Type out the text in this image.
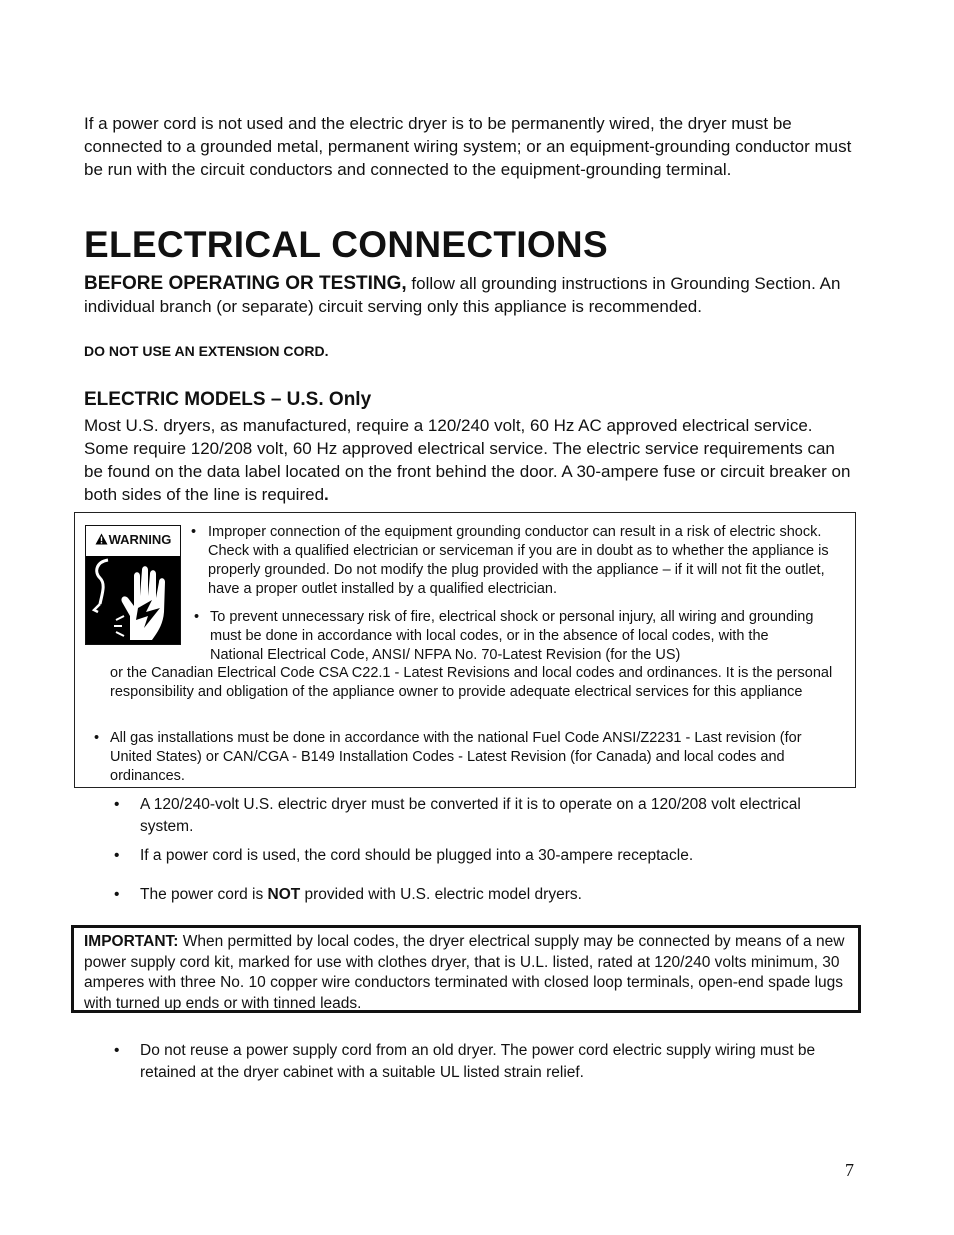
If a power cord is not used and the electric dryer is to be permanently wired, the dryer must be connected to a grounded metal, permanent wiring system; or an equipment-grounding conductor must be run with the circuit conductors and connected to the equipment-grounding terminal.

ELECTRICAL CONNECTIONS

BEFORE OPERATING OR TESTING, follow all grounding instructions in Grounding Section. An individual branch (or separate) circuit serving only this appliance is recommended.

DO NOT USE AN EXTENSION CORD.

ELECTRIC MODELS – U.S. Only

Most U.S. dryers, as manufactured, require a 120/240 volt, 60 Hz AC approved electrical service. Some require 120/208 volt, 60 Hz approved electrical service. The electric service requirements can be found on the data label located on the front behind the door. A 30-ampere fuse or circuit breaker on both sides of the line is required.

WARNING	• Improper connection of the equipment grounding conductor can result in a risk of electric shock. Check with a qualified electrician or serviceman if you are in doubt as to whether the appliance is properly grounded. Do not modify the plug provided with the appliance – if it will not fit the outlet, have a proper outlet installed by a qualified electrician.

• To prevent unnecessary risk of fire, electrical shock or personal injury, all wiring and grounding must be done in accordance with local codes, or in the absence of local codes, with the National Electrical Code, ANSI/ NFPA No. 70-Latest Revision (for the US)

or the Canadian Electrical Code CSA C22.1 - Latest Revisions and local codes and ordinances. It is the personal responsibility and obligation of the appliance owner to provide adequate electrical services for this appliance

• All gas installations must be done in accordance with the national Fuel Code ANSI/Z2231 - Last revision (for United States) or CAN/CGA - B149 Installation Codes - Latest Revision (for Canada) and local codes and ordinances.

• A 120/240-volt U.S. electric dryer must be converted if it is to operate on a 120/208 volt electrical system.

• If a power cord is used, the cord should be plugged into a 30-ampere receptacle.

• The power cord is NOT provided with U.S. electric model dryers.

IMPORTANT: When permitted by local codes, the dryer electrical supply may be connected by means of a new power supply cord kit, marked for use with clothes dryer, that is U.L. listed, rated at 120/240 volts minimum, 30 amperes with three No. 10 copper wire conductors terminated with closed loop terminals, open-end spade lugs with turned up ends or with tinned leads.

• Do not reuse a power supply cord from an old dryer. The power cord electric supply wiring must be retained at the dryer cabinet with a suitable UL listed strain relief.

7
